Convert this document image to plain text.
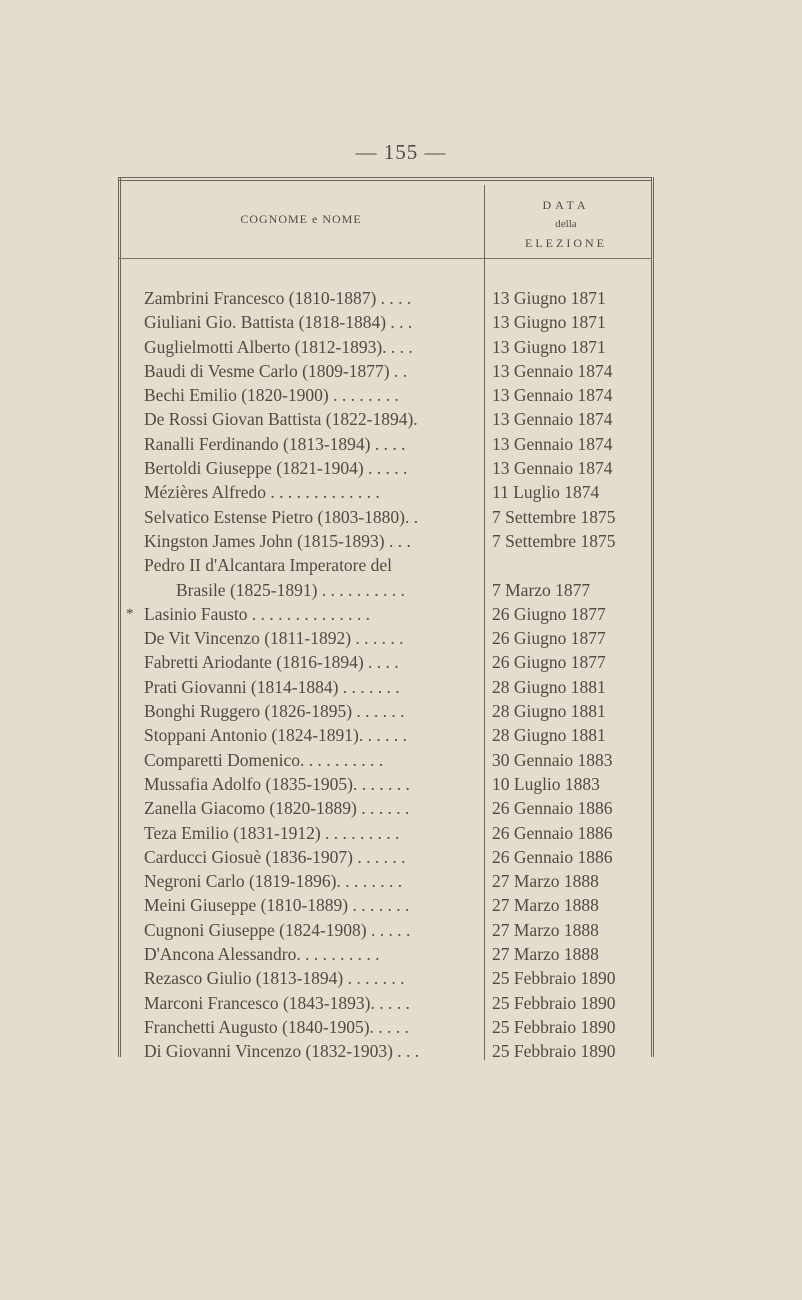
— 155 —
COGNOME e NOME
DATA
della
ELEZIONE
Zambrini Francesco (1810-1887) . . . .	13 Giugno 1871
Giuliani Gio. Battista (1818-1884) . . .	13 Giugno 1871
Guglielmotti Alberto (1812-1893). . . .	13 Giugno 1871
Baudi di Vesme Carlo (1809-1877) . .	13 Gennaio 1874
Bechi Emilio (1820-1900) . . . . . . . .	13 Gennaio 1874
De Rossi Giovan Battista (1822-1894).	13 Gennaio 1874
Ranalli Ferdinando (1813-1894) . . . .	13 Gennaio 1874
Bertoldi Giuseppe (1821-1904) . . . . .	13 Gennaio 1874
Mézières Alfredo . . . . . . . . . . . . .	11 Luglio 1874
Selvatico Estense Pietro (1803-1880). .	7 Settembre 1875
Kingston James John (1815-1893) . . .	7 Settembre 1875
Pedro II d'Alcantara Imperatore del
Brasile (1825-1891) . . . . . . . . . .	7 Marzo 1877
* Lasinio Fausto . . . . . . . . . . . . . .	26 Giugno 1877
De Vit Vincenzo (1811-1892) . . . . . .	26 Giugno 1877
Fabretti Ariodante (1816-1894) . . . .	26 Giugno 1877
Prati Giovanni (1814-1884) . . . . . . .	28 Giugno 1881
Bonghi Ruggero (1826-1895) . . . . . .	28 Giugno 1881
Stoppani Antonio (1824-1891). . . . . .	28 Giugno 1881
Comparetti Domenico. . . . . . . . . .	30 Gennaio 1883
Mussafia Adolfo (1835-1905). . . . . . .	10 Luglio 1883
Zanella Giacomo (1820-1889) . . . . . .	26 Gennaio 1886
Teza Emilio (1831-1912) . . . . . . . . .	26 Gennaio 1886
Carducci Giosuè (1836-1907) . . . . . .	26 Gennaio 1886
Negroni Carlo (1819-1896). . . . . . . .	27 Marzo 1888
Meini Giuseppe (1810-1889) . . . . . . .	27 Marzo 1888
Cugnoni Giuseppe (1824-1908) . . . . .	27 Marzo 1888
D'Ancona Alessandro. . . . . . . . . .	27 Marzo 1888
Rezasco Giulio (1813-1894) . . . . . . .	25 Febbraio 1890
Marconi Francesco (1843-1893). . . . .	25 Febbraio 1890
Franchetti Augusto (1840-1905). . . . .	25 Febbraio 1890
Di Giovanni Vincenzo (1832-1903) . . .	25 Febbraio 1890
